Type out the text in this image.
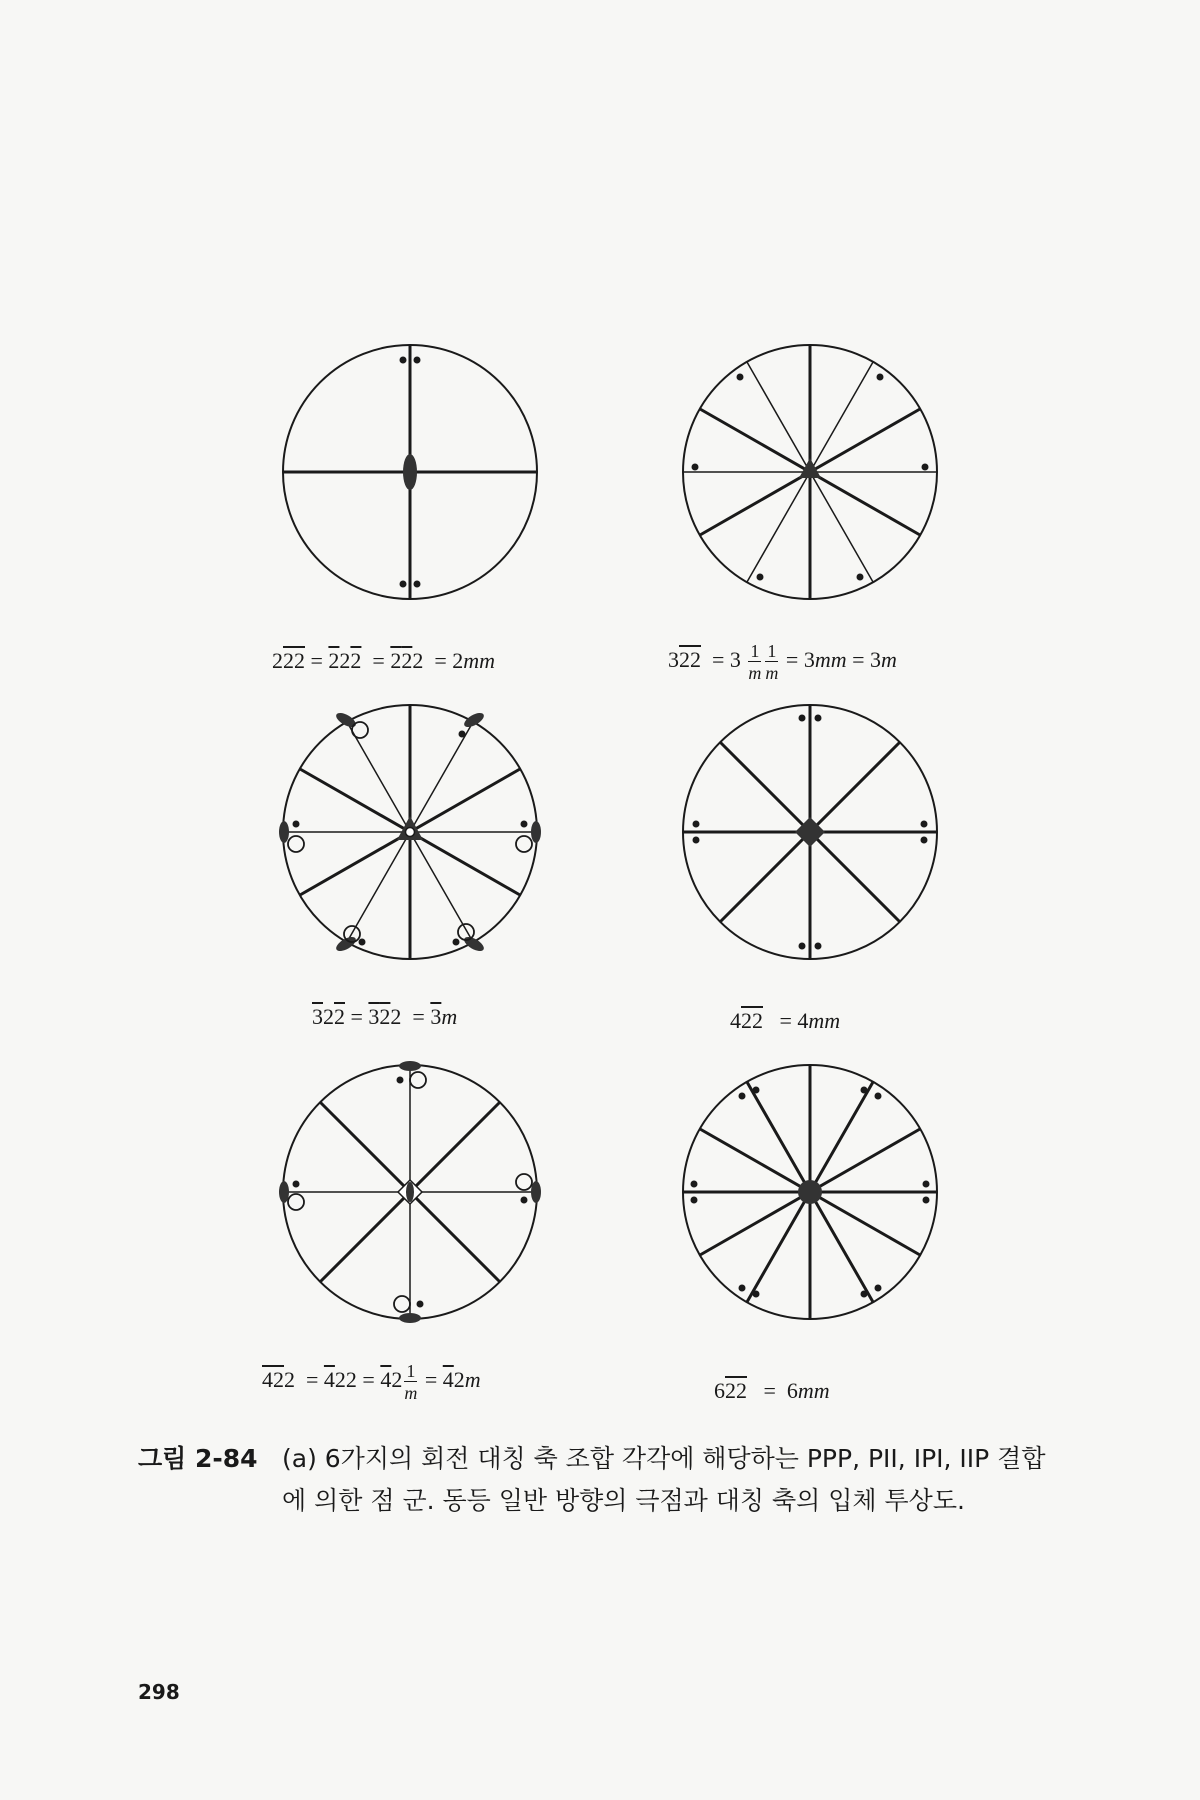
222 = 222 = 222 = 2mm	$322 = 3 \frac{1}{m} \frac{1}{m} = 3mm = 3m$
322 = 322  = 3m	422   = 4mm
$422 = 422 = 42 \frac{1}{m} = 42m$	622   =  6mm
그림 2-84 (a) 6가지의 회전 대칭 축 조합 각각에 해당하는 PPP, PII, IPI, IIP 결합에 의한 점 군. 동등 일반 방향의 극점과 대칭 축의 입체 투상도.
298
